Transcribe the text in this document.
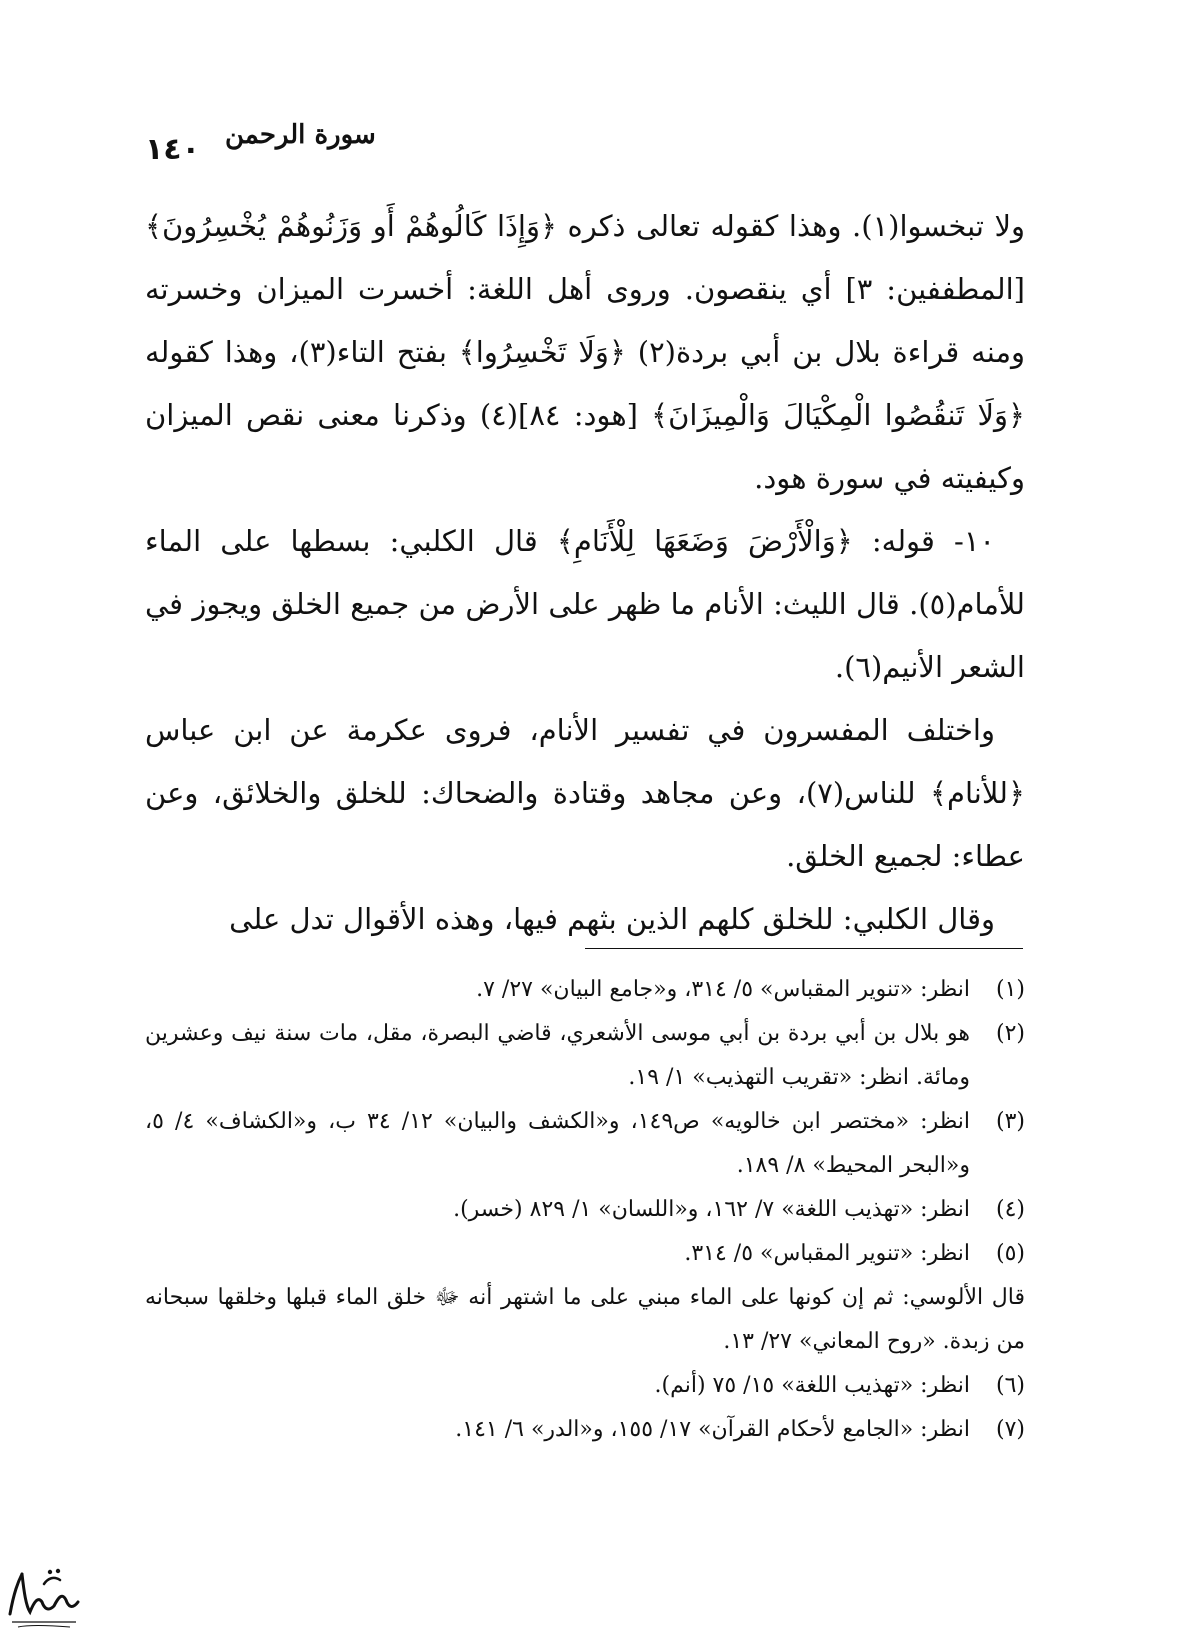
١٤٠ سورة الرحمن

ولا تبخسوا(١). وهذا كقوله تعالى ذكره ﴿وَإِذَا كَالُوهُمْ أَو وَزَنُوهُمْ يُخْسِرُونَ﴾ [المطففين: ٣] أي ينقصون. وروى أهل اللغة: أخسرت الميزان وخسرته ومنه قراءة بلال بن أبي بردة(٢) ﴿وَلَا تَخْسِرُوا﴾ بفتح التاء(٣)، وهذا كقوله ﴿وَلَا تَنقُصُوا الْمِكْيَالَ وَالْمِيزَانَ﴾ [هود: ٨٤](٤) وذكرنا معنى نقص الميزان وكيفيته في سورة هود.

١٠- قوله: ﴿وَالْأَرْضَ وَضَعَهَا لِلْأَنَامِ﴾ قال الكلبي: بسطها على الماء للأمام(٥). قال الليث: الأنام ما ظهر على الأرض من جميع الخلق ويجوز في الشعر الأنيم(٦).

واختلف المفسرون في تفسير الأنام، فروى عكرمة عن ابن عباس ﴿للأنام﴾ للناس(٧)، وعن مجاهد وقتادة والضحاك: للخلق والخلائق، وعن عطاء: لجميع الخلق.

وقال الكلبي: للخلق كلهم الذين بثهم فيها، وهذه الأقوال تدل على

(١)
انظر: «تنوير المقباس» ٥/ ٣١٤، و«جامع البيان» ٢٧/ ٧.
(٢)
هو بلال بن أبي بردة بن أبي موسى الأشعري، قاضي البصرة، مقل، مات سنة نيف وعشرين ومائة. انظر: «تقريب التهذيب» ١/ ١٩.
(٣)
انظر: «مختصر ابن خالويه» ص١٤٩، و«الكشف والبيان» ١٢/ ٣٤ ب، و«الكشاف» ٤/ ٥، و«البحر المحيط» ٨/ ١٨٩.
(٤)
انظر: «تهذيب اللغة» ٧/ ١٦٢، و«اللسان» ١/ ٨٢٩ (خسر).
(٥)
انظر: «تنوير المقباس» ٥/ ٣١٤.
قال الألوسي: ثم إن كونها على الماء مبني على ما اشتهر أنه ﷻ خلق الماء قبلها وخلقها سبحانه من زبدة. «روح المعاني» ٢٧/ ١٣.
(٦)
انظر: «تهذيب اللغة» ١٥/ ٧٥ (أنم).
(٧)
انظر: «الجامع لأحكام القرآن» ١٧/ ١٥٥، و«الدر» ٦/ ١٤١.
